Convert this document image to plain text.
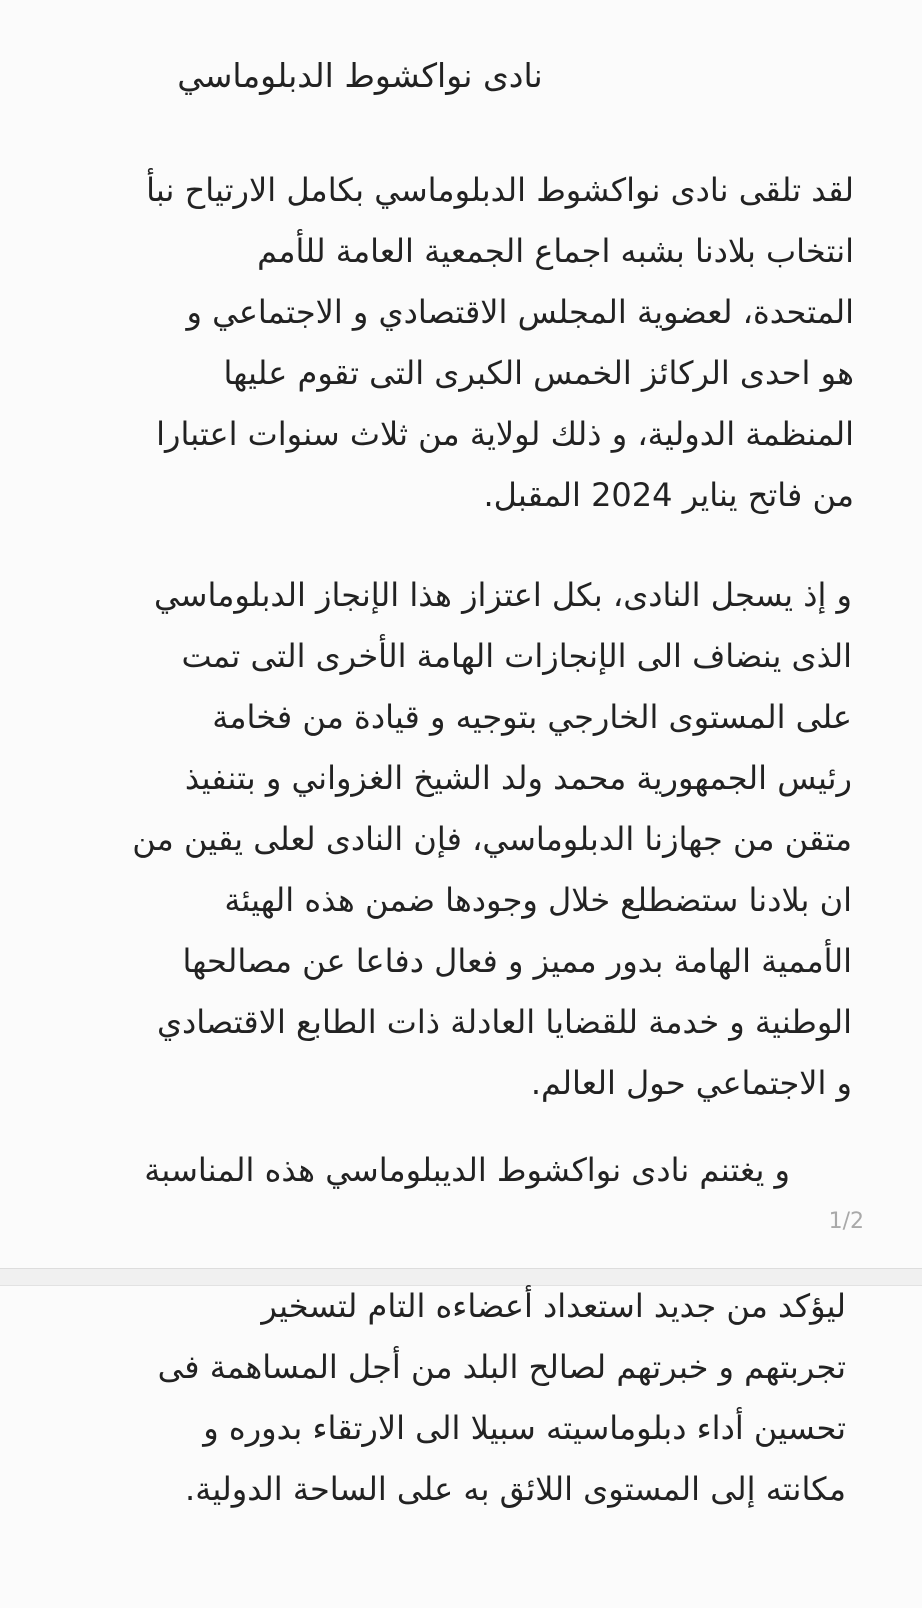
نادى نواكشوط الدبلوماسي
لقد تلقى نادى نواكشوط الدبلوماسي بكامل الارتياح نبأ
انتخاب بلادنا بشبه اجماع الجمعية العامة للأمم
المتحدة، لعضوية المجلس الاقتصادي و الاجتماعي و
هو احدى الركائز الخمس الكبرى التى تقوم عليها
المنظمة الدولية، و ذلك لولاية من ثلاث سنوات اعتبارا
من فاتح يناير 2024 المقبل.
و إذ يسجل النادى، بكل اعتزاز هذا الإنجاز الدبلوماسي
الذى ينضاف الى الإنجازات الهامة الأخرى التى تمت
على المستوى الخارجي بتوجيه و قيادة من فخامة
رئيس الجمهورية محمد ولد الشيخ الغزواني و بتنفيذ
متقن من جهازنا الدبلوماسي، فإن النادى لعلى يقين من
ان بلادنا ستضطلع خلال وجودها ضمن هذه الهيئة
الأممية الهامة بدور مميز و فعال دفاعا عن مصالحها
الوطنية و خدمة للقضايا العادلة ذات الطابع الاقتصادي
و الاجتماعي حول العالم.
و يغتنم نادى نواكشوط الديبلوماسي هذه المناسبة
1/2
ليؤكد من جديد استعداد أعضاءه التام لتسخير
تجربتهم و خبرتهم لصالح البلد من أجل المساهمة فى
تحسين أداء دبلوماسيته سبيلا الى الارتقاء بدوره و
مكانته إلى المستوى اللائق به على الساحة الدولية.
